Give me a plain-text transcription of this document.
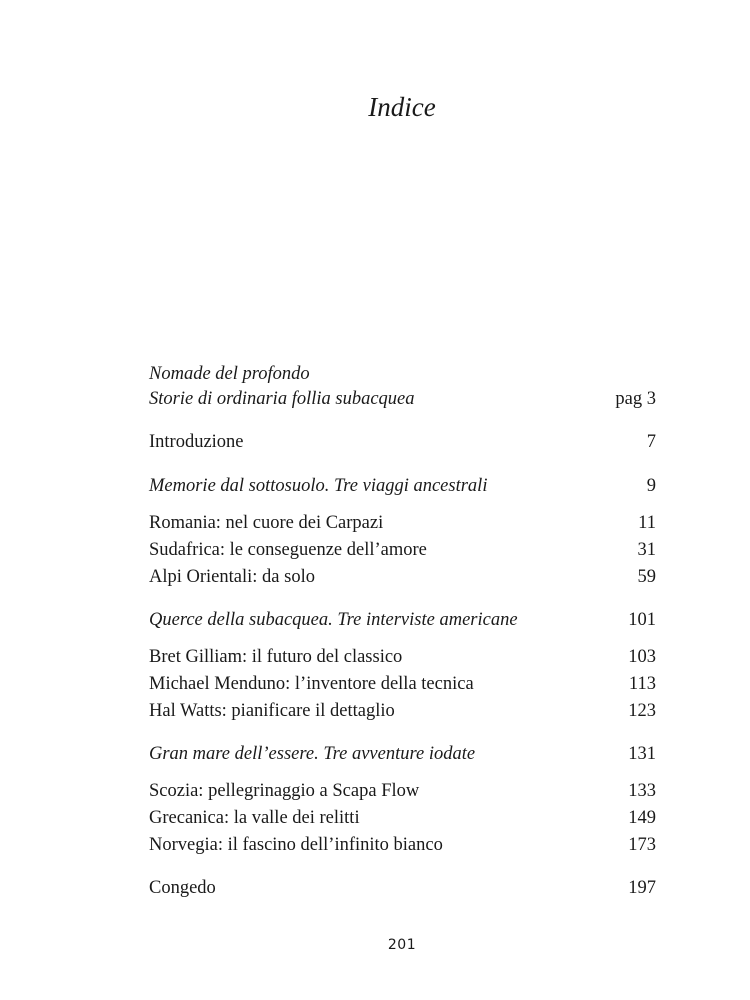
Indice
Nomade del profondo
Storie di ordinaria follia subacquea	pag 3
Introduzione	7
Memorie dal sottosuolo. Tre viaggi ancestrali	9
Romania: nel cuore dei Carpazi	11
Sudafrica: le conseguenze dell’amore	31
Alpi Orientali: da solo	59
Querce della subacquea. Tre interviste americane	101
Bret Gilliam: il futuro del classico	103
Michael Menduno: l’inventore della tecnica	113
Hal Watts: pianificare il dettaglio	123
Gran mare dell’essere. Tre avventure iodate	131
Scozia: pellegrinaggio a Scapa Flow	133
Grecanica: la valle dei relitti	149
Norvegia: il fascino dell’infinito bianco	173
Congedo	197
201
